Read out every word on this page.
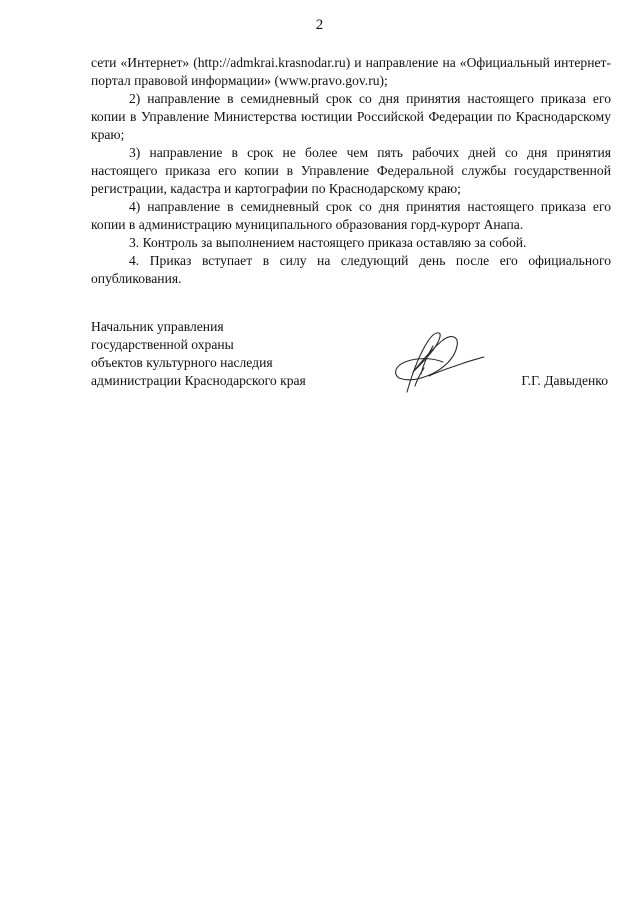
2

сети «Интернет» (http://admkrai.krasnodar.ru) и направление на «Официальный интернет-портал правовой информации» (www.pravo.gov.ru);

2) направление в семидневный срок со дня принятия настоящего приказа его копии в Управление Министерства юстиции Российской Федерации по Краснодарскому краю;

3) направление в срок не более чем пять рабочих дней со дня принятия настоящего приказа его копии в Управление Федеральной службы государственной регистрации, кадастра и картографии по Краснодарскому краю;

4) направление в семидневный срок со дня принятия настоящего приказа его копии в администрацию муниципального образования горд-курорт Анапа.

3. Контроль за выполнением настоящего приказа оставляю за собой.

4. Приказ вступает в силу на следующий день после его официального опубликования.

Начальник управления
государственной охраны
объектов культурного наследия
администрации Краснодарского края	Г.Г. Давыденко
